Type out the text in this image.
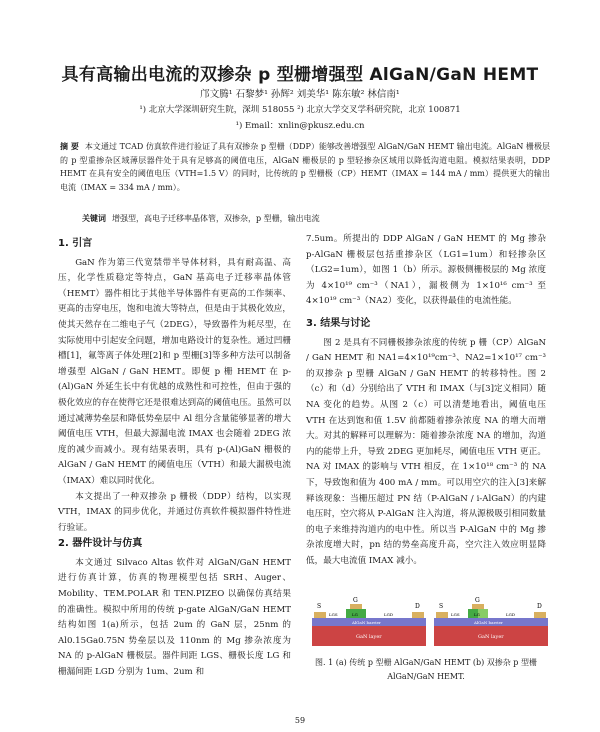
具有高输出电流的双掺杂 p 型栅增强型 AlGaN/GaN HEMT
邝文腾¹ 石黎梦¹ 孙辉² 刘美华¹ 陈东敏² 林信南¹
¹) 北京大学深圳研究生院，深圳 518055 ²) 北京大学交叉学科研究院，北京 100871
¹) Email：xnlin@pkusz.edu.cn
摘 要 本文通过 TCAD 仿真软件进行验证了具有双掺杂 p 型栅（DDP）能够改善增强型 AlGaN/GaN HEMT 输出电流。AlGaN 栅极层的 p 型重掺杂区域薄层器件处于具有足够高的阈值电压，AlGaN 栅极层的 p 型轻掺杂区域用以降低沟道电阻。模拟结果表明，DDP HEMT 在具有安全的阈值电压（VTH=1.5 V）的同时，比传统的 p 型栅极（CP）HEMT（IMAX = 144 mA / mm）提供更大的输出电流（IMAX = 334 mA / mm）。
关键词 增强型，高电子迁移率晶体管，双掺杂，p 型栅，输出电流
1. 引言

GaN 作为第三代宽禁带半导体材料，具有耐高温、高压，化学性质稳定等特点，GaN 基高电子迁移率晶体管（HEMT）器件相比于其他半导体器件有更高的工作频率、更高的击穿电压，饱和电流大等特点，但是由于其极化效应，使其天然存在二维电子气（2DEG），导致器件为耗尽型，在实际使用中引起安全问题，增加电路设计的复杂性。通过凹栅槽[1]，氟等离子体处理[2]和 p 型栅[3]等多种方法可以制备增强型 AlGaN / GaN HEMT。即便 p 栅 HEMT 在 p-(Al)GaN 外延生长中有优越的成熟性和可控性，但由于强的极化效应的存在使得它还是很难达到高的阈值电压。虽然可以通过减薄势垒层和降低势垒层中 Al 组分含量能够显著的增大阈值电压 VTH，但最大源漏电流 IMAX 也会随着 2DEG 浓度的减少而减小。现有结果表明，具有 p-(Al)GaN 栅极的 AlGaN / GaN HEMT 的阈值电压（VTH）和最大漏极电流（IMAX）难以同时优化。

本文提出了一种双掺杂 p 栅极（DDP）结构，以实现 VTH，IMAX 的同步优化，并通过仿真软件模拟器件特性进行验证。

2. 器件设计与仿真

本文通过 Silvaco Altas 软件对 AlGaN/GaN HEMT 进行仿真计算，仿真的物理模型包括 SRH、Auger、Mobility、TEM.POLAR 和 TEN.PIZEO 以确保仿真结果的准确性。模拟中所用的传统 p-gate AlGaN/GaN HEMT 结构如图 1(a)所示，包括 2um 的 GaN 层，25nm 的 Al0.15Ga0.75N 势垒层以及 110nm 的 Mg 掺杂浓度为 NA 的 p-AlGaN 栅极层。器件间距 LGS、栅极长度 LG 和栅漏间距 LGD 分别为 1um、2um 和

7.5um。所提出的 DDP AlGaN / GaN HEMT 的 Mg 掺杂 p-AlGaN 栅极层包括重掺杂区（LG1=1um）和轻掺杂区（LG2=1um），如图 1（b）所示。源极侧栅极层的 Mg 浓度为 4×10¹⁹ cm⁻³（NA1），漏极侧为 1×10¹⁶ cm⁻³ 至 4×10¹⁹ cm⁻³（NA2）变化，以获得最佳的电流性能。

3. 结果与讨论

图 2 是具有不同栅极掺杂浓度的传统 p 栅（CP）AlGaN / GaN HEMT 和 NA1=4×10¹⁹cm⁻³、NA2=1×10¹⁷ cm⁻³ 的双掺杂 p 型栅 AlGaN / GaN HEMT 的转移特性。图 2（c）和（d）分别给出了 VTH 和 IMAX（与[3]定义相同）随 NA 变化的趋势。从图 2（c）可以清楚地看出，阈值电压 VTH 在达到饱和值 1.5V 前都随着掺杂浓度 NA 的增大而增大。对其的解释可以理解为：随着掺杂浓度 NA 的增加，沟道内的能带上升，导致 2DEG 更加耗尽，阈值电压 VTH 更正。NA 对 IMAX 的影响与 VTH 相反，在 1×10¹⁸ cm⁻³ 的 NA 下，导致饱和值为 400 mA / mm。可以用空穴的注入[3]来解释该现象：当栅压超过 PN 结（P-AlGaN / i-AlGaN）的内建电压时，空穴将从 P-AlGaN 注入沟道，将从源极吸引相同数量的电子来维持沟道内的电中性。所以当 P-AlGaN 中的 Mg 掺杂浓度增大时，pn 结的势垒高度升高，空穴注入效应明显降低，最大电流值 IMAX 减小。

S
G
D
LGS	LG	LGD
AlGaN barrier
GaN layer
S
G
D
LGS	LG	LGD
AlGaN barrier
GaN layer
图. 1 (a) 传统 p 型栅 AlGaN/GaN HEMT (b) 双掺杂 p 型栅 AlGaN/GaN HEMT.
59
